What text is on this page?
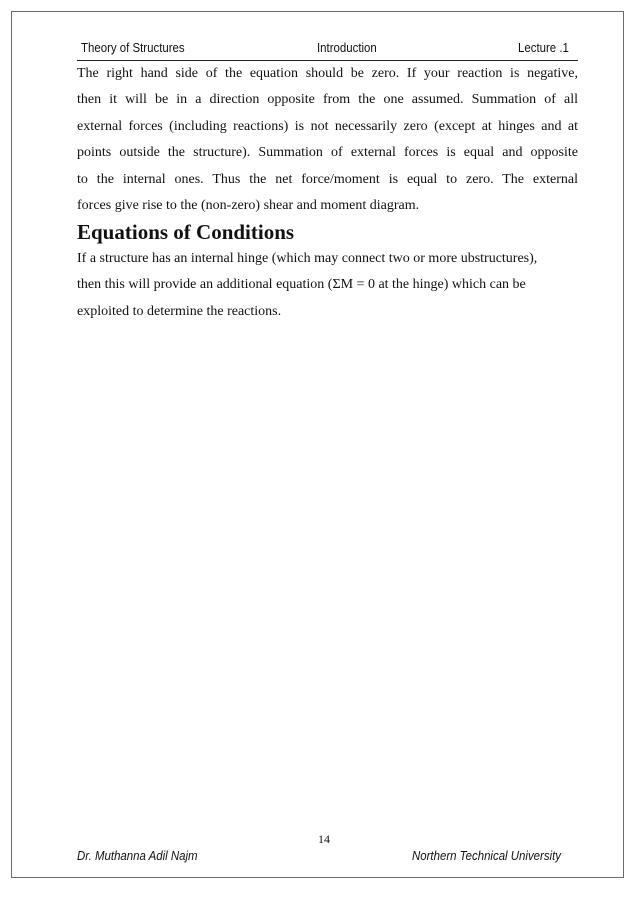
Theory of Structures	Introduction	Lecture .1

The right hand side of the equation should be zero. If your reaction is negative,
then it will be in a direction opposite from the one assumed. Summation of all
external forces (including reactions) is not necessarily zero (except at hinges and at
points outside the structure). Summation of external forces is equal and opposite
to the internal ones. Thus the net force/moment is equal to zero. The external
forces give rise to the (non-zero) shear and moment diagram.

Equations of Conditions

If a structure has an internal hinge (which may connect two or more ubstructures),
then this will provide an additional equation (ΣM = 0 at the hinge) which can be
exploited to determine the reactions.

14
Dr. Muthanna Adil Najm	Northern Technical University
